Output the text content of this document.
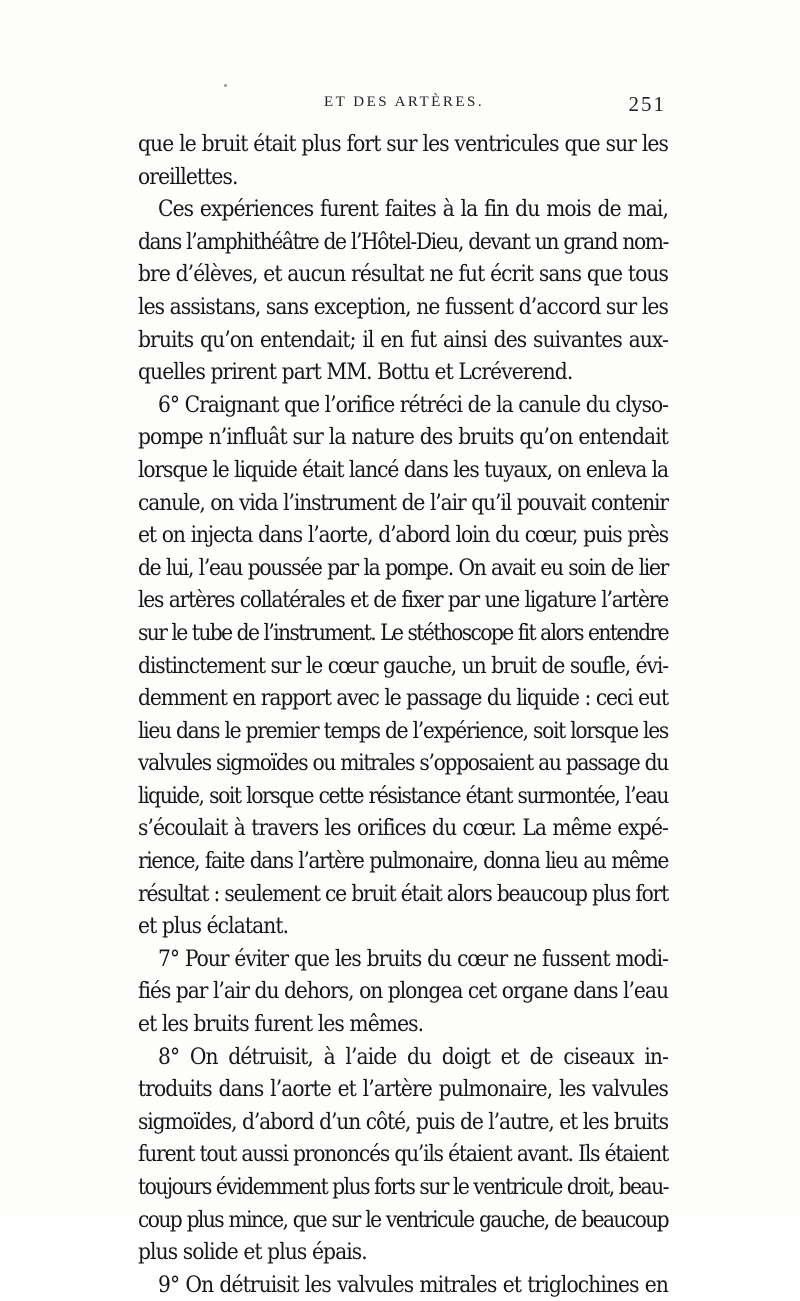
ET DES ARTÈRES.	251
que le bruit était plus fort sur les ventricules que sur les
oreillettes.
Ces expériences furent faites à la fin du mois de mai,
dans l’amphithéâtre de l’Hôtel-Dieu, devant un grand nom-
bre d’élèves, et aucun résultat ne fut écrit sans que tous
les assistans, sans exception, ne fussent d’accord sur les
bruits qu’on entendait; il en fut ainsi des suivantes aux-
quelles prirent part MM. Bottu et Lcréverend.
6° Craignant que l’orifice rétréci de la canule du clyso-
pompe n’influât sur la nature des bruits qu’on entendait
lorsque le liquide était lancé dans les tuyaux, on enleva la
canule, on vida l’instrument de l’air qu’il pouvait contenir
et on injecta dans l’aorte, d’abord loin du cœur, puis près
de lui, l’eau poussée par la pompe. On avait eu soin de lier
les artères collatérales et de fixer par une ligature l’artère
sur le tube de l’instrument. Le stéthoscope fit alors entendre
distinctement sur le cœur gauche, un bruit de soufle, évi-
demment en rapport avec le passage du liquide : ceci eut
lieu dans le premier temps de l’expérience, soit lorsque les
valvules sigmoïdes ou mitrales s’opposaient au passage du
liquide, soit lorsque cette résistance étant surmontée, l’eau
s’écoulait à travers les orifices du cœur. La même expé-
rience, faite dans l’artère pulmonaire, donna lieu au même
résultat : seulement ce bruit était alors beaucoup plus fort
et plus éclatant.
7° Pour éviter que les bruits du cœur ne fussent modi-
fiés par l’air du dehors, on plongea cet organe dans l’eau
et les bruits furent les mêmes.
8° On détruisit, à l’aide du doigt et de ciseaux in-
troduits dans l’aorte et l’artère pulmonaire, les valvules
sigmoïdes, d’abord d’un côté, puis de l’autre, et les bruits
furent tout aussi prononcés qu’ils étaient avant. Ils étaient
toujours évidemment plus forts sur le ventricule droit, beau-
coup plus mince, que sur le ventricule gauche, de beaucoup
plus solide et plus épais.
9° On détruisit les valvules mitrales et triglochines en
